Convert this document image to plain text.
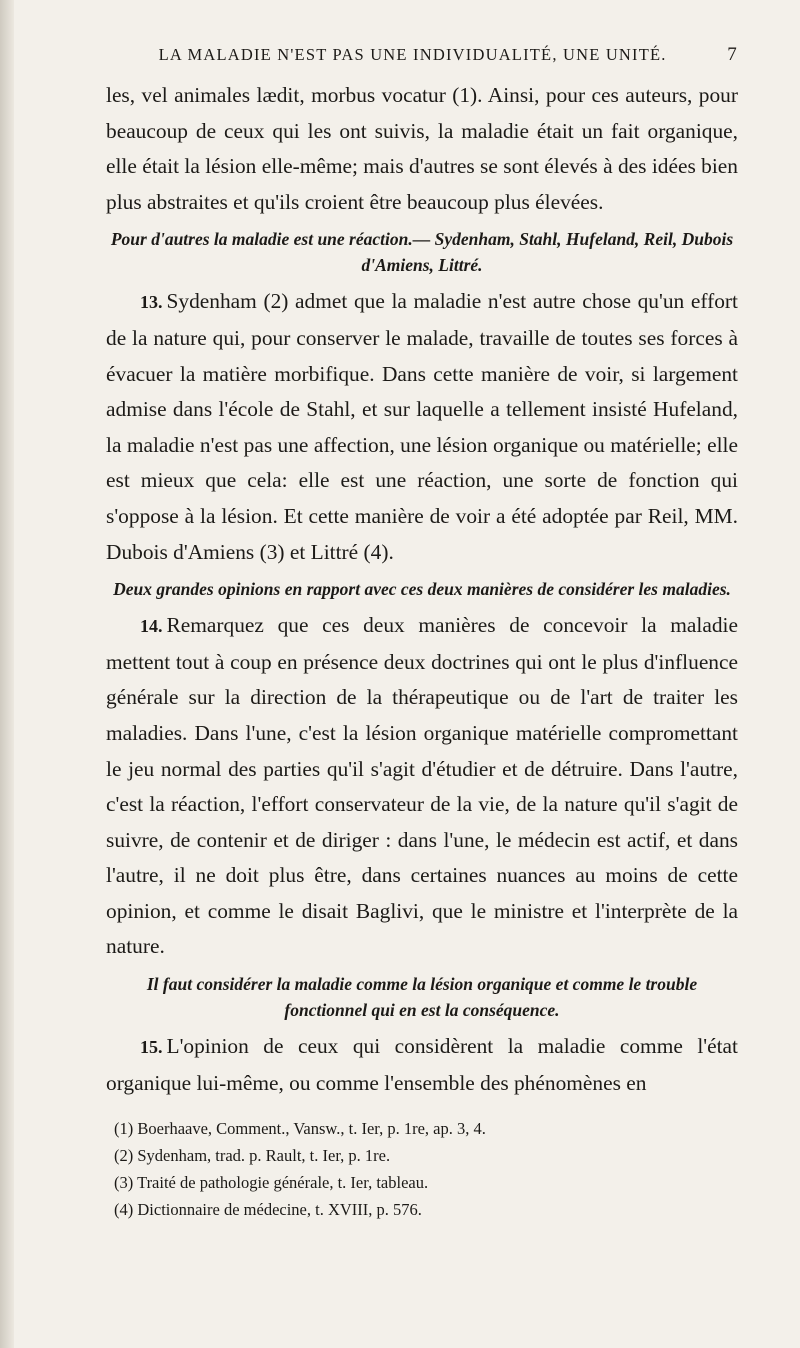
LA MALADIE N'EST PAS UNE INDIVIDUALITÉ, UNE UNITÉ.	7

les, vel animales lædit, morbus vocatur (1). Ainsi, pour ces auteurs, pour beaucoup de ceux qui les ont suivis, la maladie était un fait organique, elle était la lésion elle-même; mais d'autres se sont élevés à des idées bien plus abstraites et qu'ils croient être beaucoup plus élevées.

Pour d'autres la maladie est une réaction.— Sydenham, Stahl, Hufeland, Reil, Dubois d'Amiens, Littré.

13. Sydenham (2) admet que la maladie n'est autre chose qu'un effort de la nature qui, pour conserver le malade, travaille de toutes ses forces à évacuer la matière morbifique. Dans cette manière de voir, si largement admise dans l'école de Stahl, et sur laquelle a tellement insisté Hufeland, la maladie n'est pas une affection, une lésion organique ou matérielle; elle est mieux que cela: elle est une réaction, une sorte de fonction qui s'oppose à la lésion. Et cette manière de voir a été adoptée par Reil, MM. Dubois d'Amiens (3) et Littré (4).

Deux grandes opinions en rapport avec ces deux manières de considérer les maladies.

14. Remarquez que ces deux manières de concevoir la maladie mettent tout à coup en présence deux doctrines qui ont le plus d'influence générale sur la direction de la thérapeutique ou de l'art de traiter les maladies. Dans l'une, c'est la lésion organique matérielle compromettant le jeu normal des parties qu'il s'agit d'étudier et de détruire. Dans l'autre, c'est la réaction, l'effort conservateur de la vie, de la nature qu'il s'agit de suivre, de contenir et de diriger : dans l'une, le médecin est actif, et dans l'autre, il ne doit plus être, dans certaines nuances au moins de cette opinion, et comme le disait Baglivi, que le ministre et l'interprète de la nature.

Il faut considérer la maladie comme la lésion organique et comme le trouble fonctionnel qui en est la conséquence.

15. L'opinion de ceux qui considèrent la maladie comme l'état organique lui-même, ou comme l'ensemble des phénomènes en

(1) Boerhaave, Comment., Vansw., t. Ier, p. 1re, ap. 3, 4.
(2) Sydenham, trad. p. Rault, t. Ier, p. 1re.
(3) Traité de pathologie générale, t. Ier, tableau.
(4) Dictionnaire de médecine, t. XVIII, p. 576.
